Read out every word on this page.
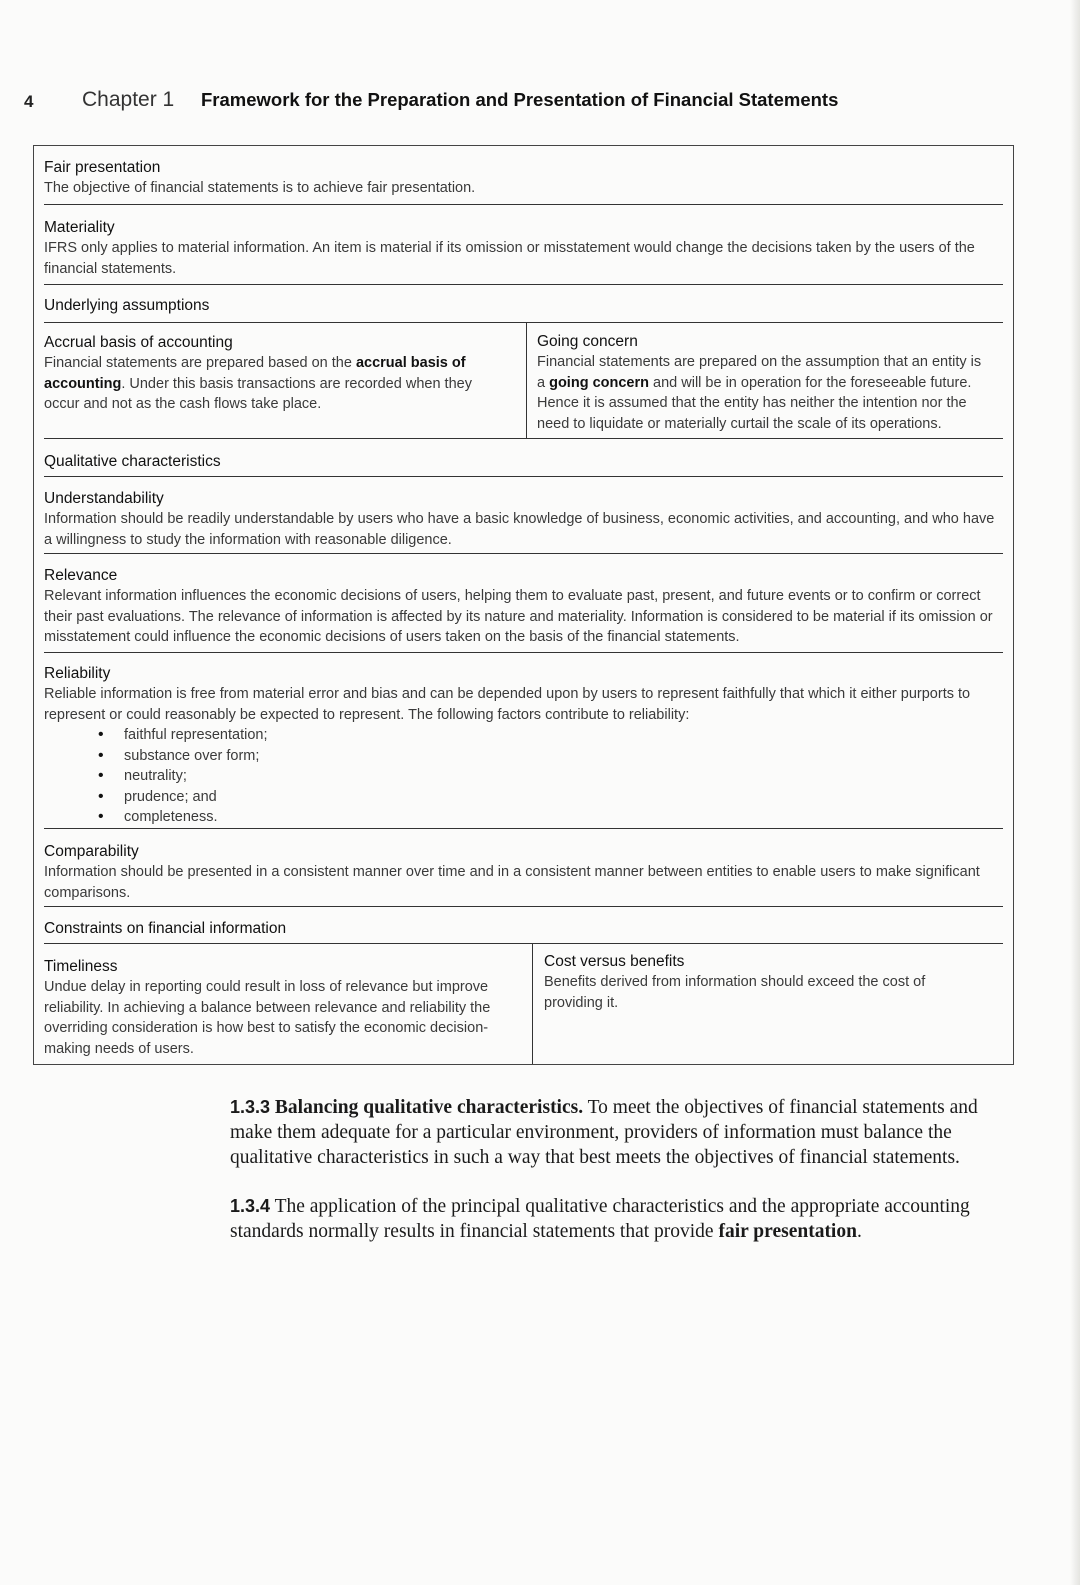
4 Chapter 1 Framework for the Preparation and Presentation of Financial Statements
Fair presentation
The objective of financial statements is to achieve fair presentation.
Materiality
IFRS only applies to material information. An item is material if its omission or misstatement would change the decisions taken by the users of the financial statements.
Underlying assumptions
Accrual basis of accounting
Financial statements are prepared based on the accrual basis of accounting. Under this basis transactions are recorded when they occur and not as the cash flows take place.
Going concern
Financial statements are prepared on the assumption that an entity is a going concern and will be in operation for the foreseeable future. Hence it is assumed that the entity has neither the intention nor the need to liquidate or materially curtail the scale of its operations.
Qualitative characteristics
Understandability
Information should be readily understandable by users who have a basic knowledge of business, economic activities, and accounting, and who have a willingness to study the information with reasonable diligence.
Relevance
Relevant information influences the economic decisions of users, helping them to evaluate past, present, and future events or to confirm or correct their past evaluations. The relevance of information is affected by its nature and materiality. Information is considered to be material if its omission or misstatement could influence the economic decisions of users taken on the basis of the financial statements.
Reliability
Reliable information is free from material error and bias and can be depended upon by users to represent faithfully that which it either purports to represent or could reasonably be expected to represent. The following factors contribute to reliability:
• faithful representation;
• substance over form;
• neutrality;
• prudence; and
• completeness.
Comparability
Information should be presented in a consistent manner over time and in a consistent manner between entities to enable users to make significant comparisons.
Constraints on financial information
Timeliness
Undue delay in reporting could result in loss of relevance but improve reliability. In achieving a balance between relevance and reliability the overriding consideration is how best to satisfy the economic decision-making needs of users.
Cost versus benefits
Benefits derived from information should exceed the cost of providing it.
1.3.3 Balancing qualitative characteristics. To meet the objectives of financial statements and make them adequate for a particular environment, providers of information must balance the qualitative characteristics in such a way that best meets the objectives of financial statements.
1.3.4 The application of the principal qualitative characteristics and the appropriate accounting standards normally results in financial statements that provide fair presentation.
